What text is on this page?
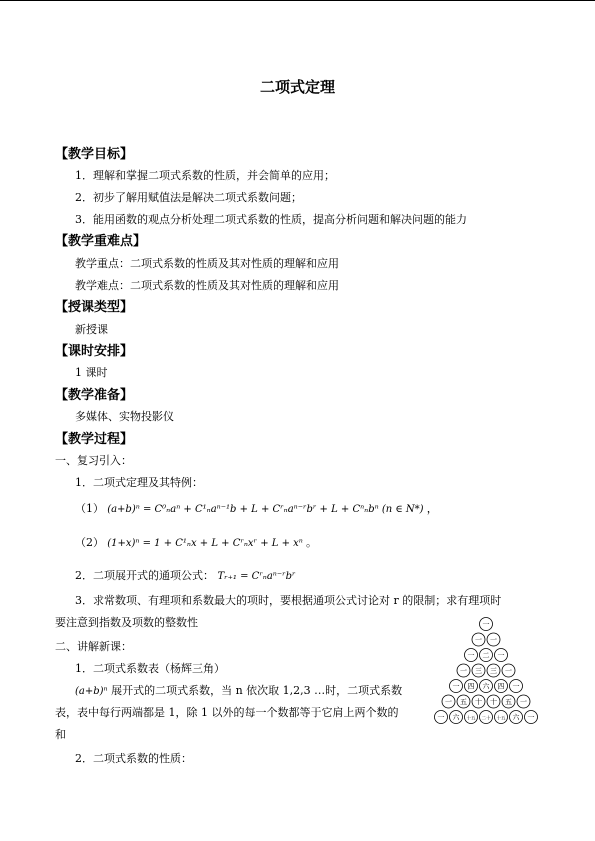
二项式定理
【教学目标】
1．理解和掌握二项式系数的性质，并会简单的应用；
2．初步了解用赋值法是解决二项式系数问题；
3．能用函数的观点分析处理二项式系数的性质，提高分析问题和解决问题的能力
【教学重难点】
教学重点：二项式系数的性质及其对性质的理解和应用
教学难点：二项式系数的性质及其对性质的理解和应用
【授课类型】
新授课
【课时安排】
1 课时
【教学准备】
多媒体、实物投影仪
【教学过程】
一、复习引入：
1．二项式定理及其特例：
（1） (a+b)ⁿ = C⁰ₙaⁿ + C¹ₙaⁿ⁻¹b + L + Cʳₙaⁿ⁻ʳbʳ + L + Cⁿₙbⁿ (n ∈ N*) ，
（2） (1+x)ⁿ = 1 + C¹ₙx + L + Cʳₙxʳ + L + xⁿ 。
2．二项展开式的通项公式： Tᵣ₊₁ = Cʳₙaⁿ⁻ʳbʳ
3．求常数项、有理项和系数最大的项时，要根据通项公式讨论对 r 的限制；求有理项时
要注意到指数及项数的整数性
二、讲解新课：
1．二项式系数表（杨辉三角）
(a+b)ⁿ 展开式的二项式系数，当 n 依次取 1,2,3 …时，二项式系数
表，表中每行两端都是 1，除 1 以外的每一个数都等于它肩上两个数的
和
2．二项式系数的性质：
一
一 一
一 二 一
一 三 三 一
一 四 六 四 一
一 五 十 十 五 一
一 六 十五 二十 十五 六 一
